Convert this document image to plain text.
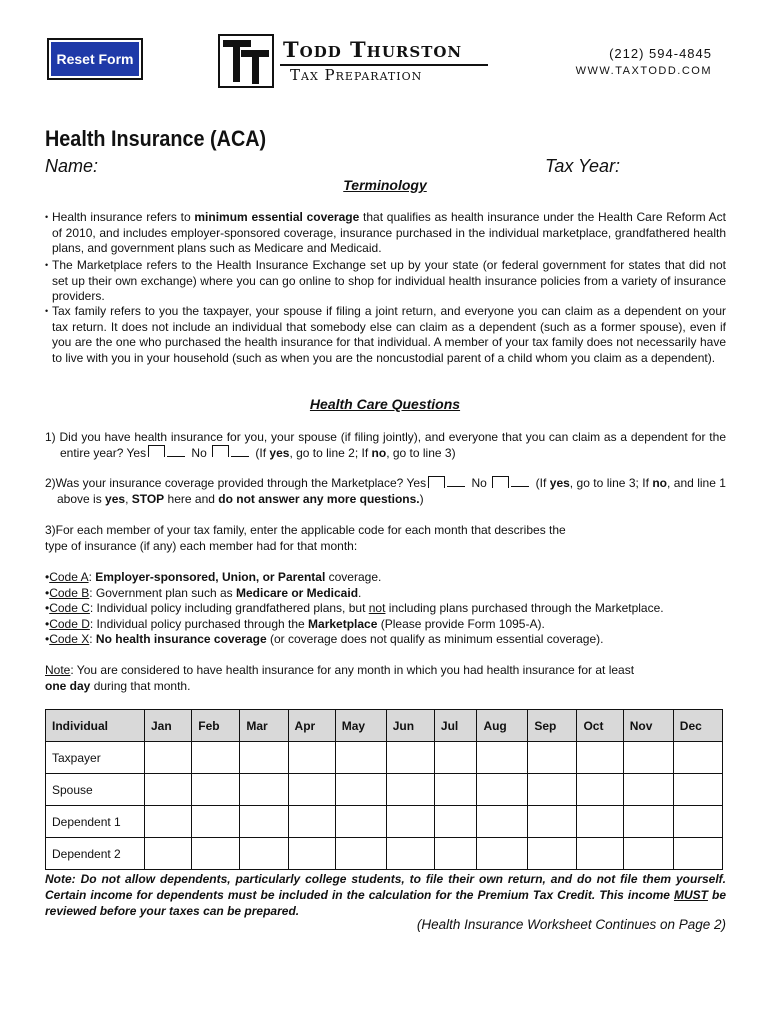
Reset Form	Todd Thurston
Tax Preparation
(212) 594-4845
WWW.TAXTODD.COM
Health Insurance (ACA)
Name:	Tax Year:
Terminology
• Health insurance refers to minimum essential coverage that qualifies as health insurance under the Health Care Reform Act of 2010, and includes employer-sponsored coverage, insurance purchased in the individual marketplace, grandfathered health plans, and government plans such as Medicare and Medicaid.
• The Marketplace refers to the Health Insurance Exchange set up by your state (or federal government for states that did not set up their own exchange) where you can go online to shop for individual health insurance policies from a variety of insurance providers.
• Tax family refers to you the taxpayer, your spouse if filing a joint return, and everyone you can claim as a dependent on your tax return. It does not include an individual that somebody else can claim as a dependent (such as a former spouse), even if you are the one who purchased the health insurance for that individual. A member of your tax family does not necessarily have to live with you in your household (such as when you are the noncustodial parent of a child whom you claim as a dependent).
Health Care Questions
1) Did you have health insurance for you, your spouse (if filing jointly), and everyone that you can claim as a dependent for the entire year? Yes	No	(If yes, go to line 2; If no, go to line 3)
2)Was your insurance coverage provided through the Marketplace? Yes	No	(If yes, go to line 3; If no, and line 1 above is yes, STOP here and do not answer any more questions.)
3)For each member of your tax family, enter the applicable code for each month that describes the
type of insurance (if any) each member had for that month:
•Code A: Employer-sponsored, Union, or Parental coverage.
•Code B: Government plan such as Medicare or Medicaid.
•Code C: Individual policy including grandfathered plans, but not including plans purchased through the Marketplace.
•Code D: Individual policy purchased through the Marketplace (Please provide Form 1095-A).
•Code X: No health insurance coverage (or coverage does not qualify as minimum essential coverage).
Note: You are considered to have health insurance for any month in which you had health insurance for at least
one day during that month.
Individual	Jan	Feb	Mar	Apr	May	Jun	Jul	Aug	Sep	Oct	Nov	Dec
Taxpayer												
Spouse												
Dependent 1												
Dependent 2												
Note: Do not allow dependents, particularly college students, to file their own return, and do not file them yourself. Certain income for dependents must be included in the calculation for the Premium Tax Credit. This income MUST be reviewed before your taxes can be prepared.
(Health Insurance Worksheet Continues on Page 2)
